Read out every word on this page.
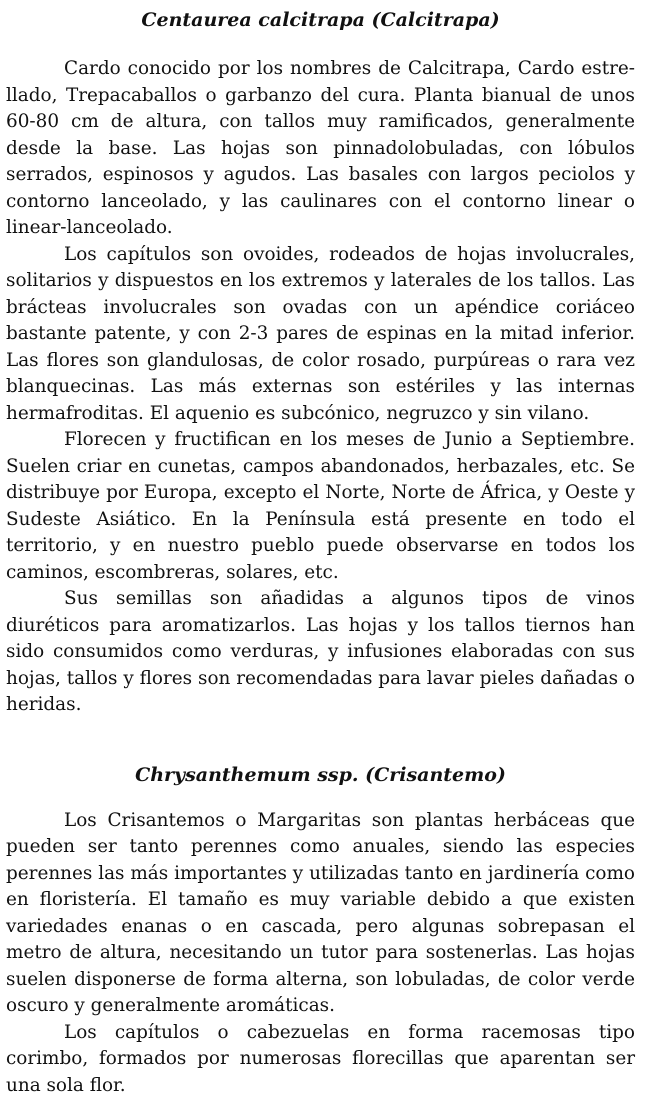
Centaurea calcitrapa (Calcitrapa)

Cardo conocido por los nombres de Calcitrapa, Cardo estrellado, Trepacaballos o garbanzo del cura. Planta bianual de unos 60-80 cm de altura, con tallos muy ramificados, generalmente desde la base. Las hojas son pinnadolobuladas, con lóbulos serrados, espinosos y agudos. Las basales con largos peciolos y contorno lanceolado, y las caulinares con el contorno linear o linear-lanceolado.

Los capítulos son ovoides, rodeados de hojas involucrales, solitarios y dispuestos en los extremos y laterales de los tallos. Las brácteas involucrales son ovadas con un apéndice coriáceo bastante patente, y con 2-3 pares de espinas en la mitad inferior. Las flores son glandulosas, de color rosado, purpúreas o rara vez blanquecinas. Las más externas son estériles y las internas hermafroditas. El aquenio es subcónico, negruzco y sin vilano.

Florecen y fructifican en los meses de Junio a Septiembre. Suelen criar en cunetas, campos abandonados, herbazales, etc. Se distribuye por Europa, excepto el Norte, Norte de África, y Oeste y Sudeste Asiático. En la Península está presente en todo el territorio, y en nuestro pueblo puede observarse en todos los caminos, escombreras, solares, etc.

Sus semillas son añadidas a algunos tipos de vinos diuréticos para aromatizarlos. Las hojas y los tallos tiernos han sido consumidos como verduras, y infusiones elaboradas con sus hojas, tallos y flores son recomendadas para lavar pieles dañadas o heridas.

Chrysanthemum ssp. (Crisantemo)

Los Crisantemos o Margaritas son plantas herbáceas que pueden ser tanto perennes como anuales, siendo las especies perennes las más importantes y utilizadas tanto en jardinería como en floristería. El tamaño es muy variable debido a que existen variedades enanas o en cascada, pero algunas sobrepasan el metro de altura, necesitando un tutor para sostenerlas. Las hojas suelen disponerse de forma alterna, son lobuladas, de color verde oscuro y generalmente aromáticas.

Los capítulos o cabezuelas en forma racemosas tipo corimbo, formados por numerosas florecillas que aparentan ser una sola flor.
